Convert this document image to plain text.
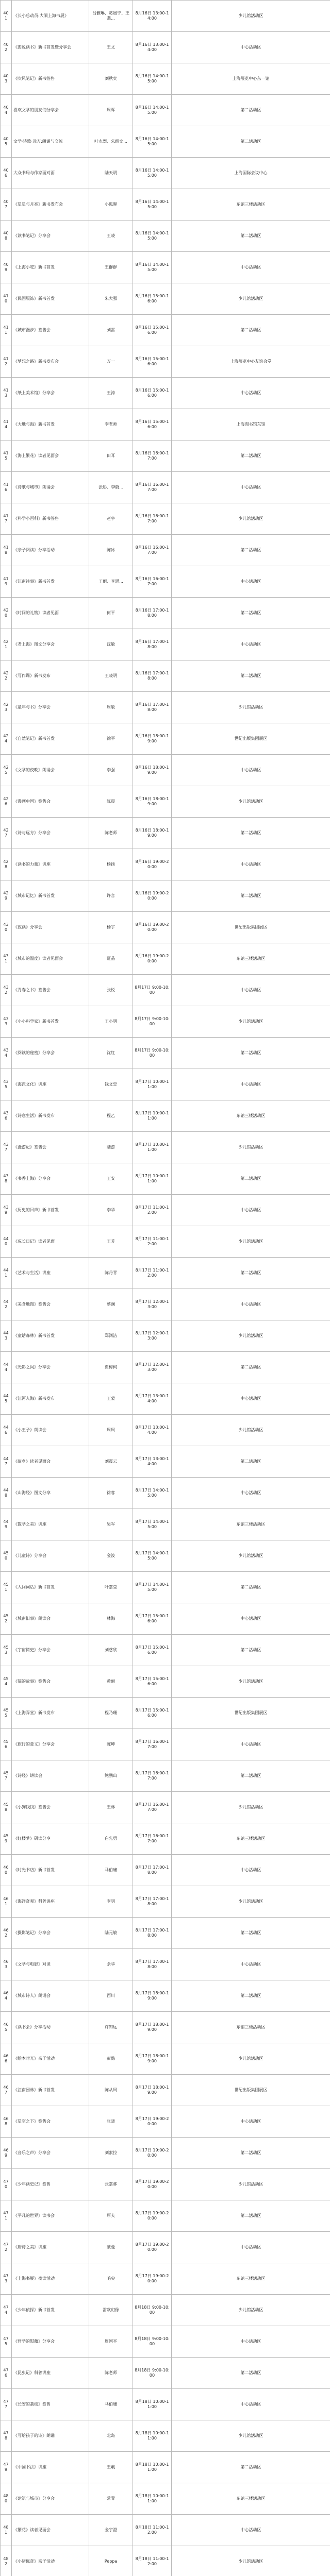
401	《长小总动员:大闹上海书展》	吕雅琳、葛媛宁、王燕...	8月16日 13:00-14:00	少儿馆活动区
402	《图说读书》新书首发暨分享会	王文	8月16日 13:00-14:00	中心活动区
403	《吹风笔记》新书签售	刘秋奕	8月16日 14:00-15:00	上海展览中心东一馆
404	喜欢文学的朋友们分享会	周晖	8月16日 14:00-15:00	第二活动区
405	文学·诗歌·远方:朗诵与交流	叶永烈、朱绍文...	8月16日 14:00-15:00	第二活动区
406	大众书局与作家面对面	陆天明	8月16日 14:00-15:00	上海国际会议中心
407	《星星与月亮》新书发布会	小狐狸	8月16日 14:00-15:00	东馆三楼活动区
408	《读书笔记》分享会	王晓	8月16日 14:00-15:00	第二活动区
409	《上海小吃》新书首发	王群群	8月16日 14:00-15:00	中心活动区
410	《民国服饰》新书首发	朱大强	8月16日 15:00-16:00	少儿馆活动区
411	《城市漫步》签售会	刘雷	8月16日 15:00-16:00	第二活动区
412	《梦想之路》新书发布会	万一	8月16日 15:00-16:00	上海展览中心友谊会堂
413	《纸上美术馆》分享会	王涛	8月16日 15:00-16:00	中心活动区
414	《大地与海》新书首发	李老师	8月16日 15:00-16:00	上海图书馆东馆
415	《海上繁花》读者见面会	田耳	8月16日 16:00-17:00	第二活动区
416	《诗歌与城市》朗诵会	张彤、李蔚...	8月16日 16:00-17:00	中心活动区
417	《科学小百科》新书签售	赵宇	8月16日 16:00-17:00	少儿馆活动区
418	《亲子阅读》分享活动	陈冰	8月16日 16:00-17:00	第二活动区
419	《江南往事》新书首发	王丽、李思...	8月16日 16:00-17:00	中心活动区
420	《时间的礼物》读者见面	何平	8月16日 17:00-18:00	第二活动区
421	《老上海》图文分享会	沈敏	8月16日 17:00-18:00	中心活动区
422	《写作课》新书发布	王晓明	8月16日 17:00-18:00	第二活动区
423	《童年与书》分享会	周敏	8月16日 17:00-18:00	少儿馆活动区
424	《自然笔记》新书首发	徐平	8月16日 18:00-19:00	世纪出版集团展区
425	《文学的夜晚》朗诵会	李强	8月16日 18:00-19:00	中心活动区
426	《漫画中国》签售会	陈晨	8月16日 18:00-19:00	少儿馆活动区
427	《诗与远方》分享会	陈老师	8月16日 18:00-19:00	第二活动区
428	《读书的力量》讲座	杨扬	8月16日 19:00-20:00	中心活动区
429	《城市记忆》新书首发	许言	8月16日 19:00-20:00	第二活动区
430	《夜读》分享会	杨宇	8月16日 19:00-20:00	世纪出版集团展区
431	《城市的温度》读者见面会	夏晶	8月16日 19:00-20:00	东馆三楼活动区
432	《青春之书》签售会	张悦	8月17日 9:00-10:00	中心活动区
433	《小小科学家》新书首发	王小明	8月17日 9:00-10:00	少儿馆活动区
434	《阅读的秘密》分享会	沈红	8月17日 9:00-10:00	第二活动区
435	《海派文化》讲座	钱文忠	8月17日 10:00-11:00	中心活动区
436	《诗意生活》新书发布	程乙	8月17日 10:00-11:00	东馆三楼活动区
437	《漫游记》签售会	陆游	8月17日 10:00-11:00	少儿馆活动区
438	《书香上海》分享会	王安	8月17日 10:00-11:00	第二活动区
439	《历史的回声》新书首发	李华	8月17日 11:00-12:00	中心活动区
440	《成长日记》读者见面	王芳	8月17日 11:00-12:00	少儿馆活动区
441	《艺术与生活》讲座	陈丹青	8月17日 11:00-12:00	第二活动区
442	《美食地图》签售会	蔡澜	8月17日 12:00-13:00	中心活动区
443	《童话森林》新书首发	郑渊洁	8月17日 12:00-13:00	少儿馆活动区
444	《光影之间》分享会	贾樟柯	8月17日 12:00-13:00	第二活动区
445	《江河入海》新书发布	王蒙	8月17日 13:00-14:00	中心活动区
446	《小王子》朗读会	周周	8月17日 13:00-14:00	少儿馆活动区
447	《故乡》读者见面会	刘震云	8月17日 13:00-14:00	第二活动区
448	《山海经》图文分享	徐客	8月17日 14:00-15:00	中心活动区
449	《数学之美》讲座	吴军	8月17日 14:00-15:00	东馆三楼活动区
450	《儿童诗》分享会	金波	8月17日 14:00-15:00	少儿馆活动区
451	《人间词话》新书首发	叶嘉莹	8月17日 14:00-15:00	第二活动区
452	《城南旧事》朗读会	林海	8月17日 15:00-16:00	中心活动区
453	《宇宙简史》分享会	刘慈欣	8月17日 15:00-16:00	第二活动区
454	《猫的故事》签售会	黄丽	8月17日 15:00-16:00	少儿馆活动区
455	《上海弄堂》新书发布	程乃珊	8月17日 15:00-16:00	世纪出版集团展区
456	《旅行的意义》分享会	陈坤	8月17日 16:00-17:00	中心活动区
457	《诗经》讲读会	鲍鹏山	8月17日 16:00-17:00	第二活动区
458	《小狗钱钱》签售会	王林	8月17日 16:00-17:00	少儿馆活动区
459	《红楼梦》研读分享	白先勇	8月17日 16:00-17:00	东馆三楼活动区
460	《时光书店》新书首发	马伯庸	8月17日 17:00-18:00	中心活动区
461	《海洋奇观》科普讲座	李明	8月17日 17:00-18:00	少儿馆活动区
462	《摄影笔记》分享会	陆元敏	8月17日 17:00-18:00	第二活动区
463	《文学与电影》对谈	余华	8月17日 17:00-18:00	中心活动区
464	《城市诗人》朗诵会	西川	8月17日 18:00-19:00	第二活动区
465	《读书会》分享活动	许知远	8月17日 18:00-19:00	东馆三楼活动区
466	《绘本时光》亲子活动	彭懿	8月17日 18:00-19:00	少儿馆活动区
467	《江南园林》新书首发	陈从周	8月17日 18:00-19:00	世纪出版集团展区
468	《星空之下》签售会	张晓	8月17日 19:00-20:00	中心活动区
469	《音乐之声》分享会	刘索拉	8月17日 19:00-20:00	第二活动区
470	《少年读史记》签售	张嘉骅	8月17日 19:00-20:00	少儿馆活动区
471	《平凡的世界》读书会	厚夫	8月17日 19:00-20:00	第二活动区
472	《唐诗之美》讲座	蒙曼	8月17日 19:00-20:00	中心活动区
473	《上海书展》夜读活动	毛尖	8月17日 19:00-20:00	东馆三楼活动区
474	《少年侦探》新书首发	雷欧幻像	8月18日 9:00-10:00	少儿馆活动区
475	《哲学的慰藉》分享会	周国平	8月18日 9:00-10:00	中心活动区
476	《昆虫记》科普讲座	陈老师	8月18日 9:00-10:00	第二活动区
477	《长安的荔枝》签售	马伯庸	8月18日 10:00-11:00	中心活动区
478	《写给孩子的诗》朗诵	北岛	8月18日 10:00-11:00	少儿馆活动区
479	《中国书法》讲座	王羲	8月18日 10:00-11:00	第二活动区
480	《建筑与城市》分享会	常青	8月18日 10:00-11:00	东馆三楼活动区
481	《繁花》读者见面会	金宇澄	8月18日 11:00-12:00	中心活动区
482	《小猪佩奇》亲子活动	Peppa	8月18日 11:00-12:00	少儿馆活动区
